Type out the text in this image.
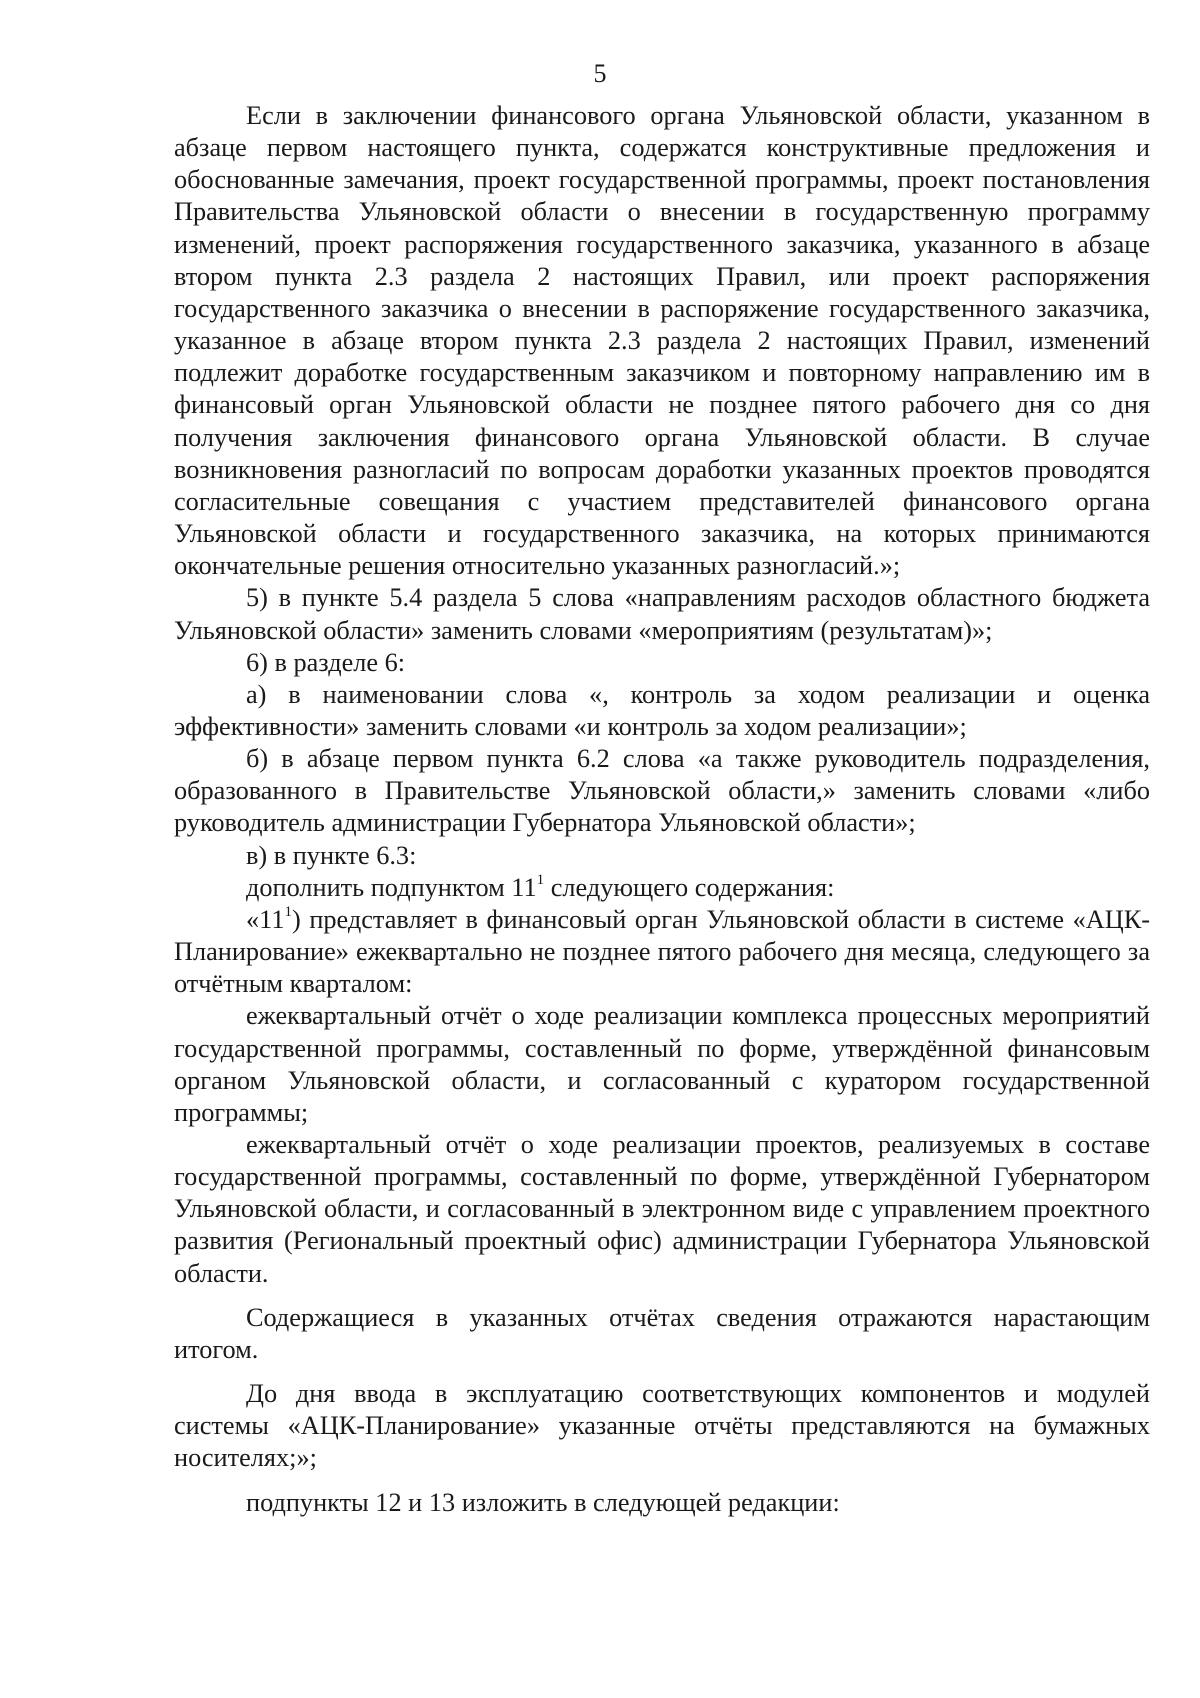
5

Если в заключении финансового органа Ульяновской области, указанном в абзаце первом настоящего пункта, содержатся конструктивные предложения и обоснованные замечания, проект государственной программы, проект постановления Правительства Ульяновской области о внесении в государственную программу изменений, проект распоряжения государственного заказчика, указанного в абзаце втором пункта 2.3 раздела 2 настоящих Правил, или проект распоряжения государственного заказчика о внесении в распоряжение государственного заказчика, указанное в абзаце втором пункта 2.3 раздела 2 настоящих Правил, изменений подлежит доработке государственным заказчиком и повторному направлению им в финансовый орган Ульяновской области не позднее пятого рабочего дня со дня получения заключения финансового органа Ульяновской области. В случае возникновения разногласий по вопросам доработки указанных проектов проводятся согласительные совещания с участием представителей финансового органа Ульяновской области и государственного заказчика, на которых принимаются окончательные решения относительно указанных разногласий.»;

5) в пункте 5.4 раздела 5 слова «направлениям расходов областного бюджета Ульяновской области» заменить словами «мероприятиям (результатам)»;

6) в разделе 6:

а) в наименовании слова «, контроль за ходом реализации и оценка эффективности» заменить словами «и контроль за ходом реализации»;

б) в абзаце первом пункта 6.2 слова «а также руководитель подразделения, образованного в Правительстве Ульяновской области,» заменить словами «либо руководитель администрации Губернатора Ульяновской области»;

в) в пункте 6.3:

дополнить подпунктом $11^1$ следующего содержания:

«$11^1$) представляет в финансовый орган Ульяновской области в системе «АЦК-Планирование» ежеквартально не позднее пятого рабочего дня месяца, следующего за отчётным кварталом:

ежеквартальный отчёт о ходе реализации комплекса процессных мероприятий государственной программы, составленный по форме, утверждённой финансовым органом Ульяновской области, и согласованный с куратором государственной программы;

ежеквартальный отчёт о ходе реализации проектов, реализуемых в составе государственной программы, составленный по форме, утверждённой Губернатором Ульяновской области, и согласованный в электронном виде с управлением проектного развития (Региональный проектный офис) администрации Губернатора Ульяновской области.

Содержащиеся в указанных отчётах сведения отражаются нарастающим итогом.

До дня ввода в эксплуатацию соответствующих компонентов и модулей системы «АЦК-Планирование» указанные отчёты представляются на бумажных носителях;»;

подпункты 12 и 13 изложить в следующей редакции:
